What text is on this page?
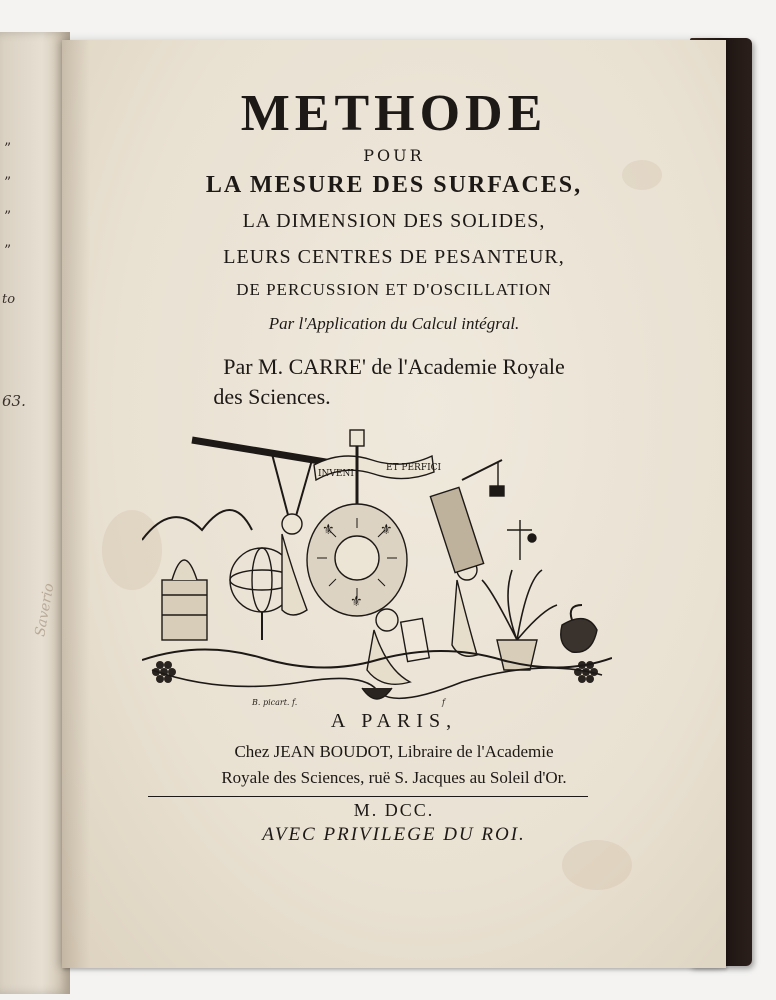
”
”
”
”
to
63.
Saverio
METHODE
POUR
LA MESURE DES SURFACES,
LA DIMENSION DES SOLIDES,
LEURS CENTRES DE PESANTEUR,
DE PERCUSSION ET D'OSCILLATION
Par l'Application du Calcul intégral.
Par M. CARRE' de l'Academie Royale
des Sciences.
⚜	⚜
⚜
INVENI
ET PERFICI
B. picart. f.	f
A PARIS,
Chez JEAN BOUDOT, Libraire de l'Academie
Royale des Sciences, ruë S. Jacques au Soleil d'Or.
M. DCC.
AVEC PRIVILEGE DU ROI.
